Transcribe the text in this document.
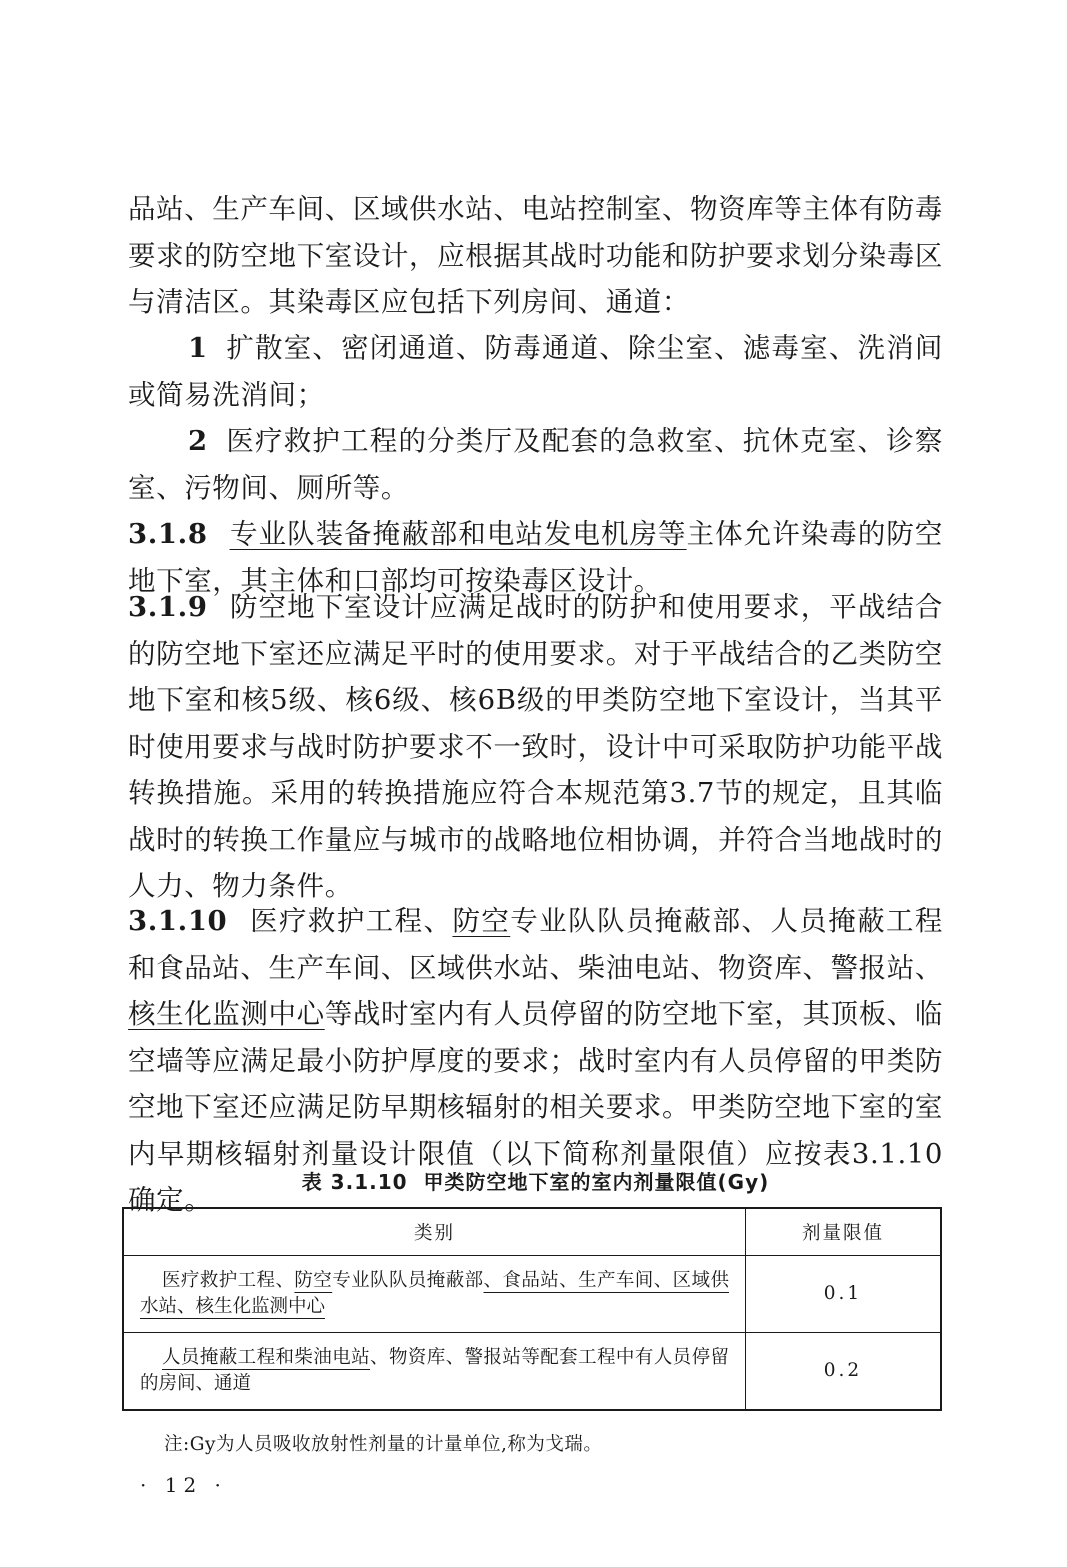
品站、生产车间、区域供水站、电站控制室、物资库等主体有防毒要求的防空地下室设计，应根据其战时功能和防护要求划分染毒区与清洁区。其染毒区应包括下列房间、通道：

1 扩散室、密闭通道、防毒通道、除尘室、滤毒室、洗消间或简易洗消间；

2 医疗救护工程的分类厅及配套的急救室、抗休克室、诊察室、污物间、厕所等。

3.1.8 专业队装备掩蔽部和电站发电机房等主体允许染毒的防空地下室，其主体和口部均可按染毒区设计。

3.1.9 防空地下室设计应满足战时的防护和使用要求，平战结合的防空地下室还应满足平时的使用要求。对于平战结合的乙类防空地下室和核5级、核6级、核6B级的甲类防空地下室设计，当其平时使用要求与战时防护要求不一致时，设计中可采取防护功能平战转换措施。采用的转换措施应符合本规范第3.7节的规定，且其临战时的转换工作量应与城市的战略地位相协调，并符合当地战时的人力、物力条件。

3.1.10 医疗救护工程、防空专业队队员掩蔽部、人员掩蔽工程和食品站、生产车间、区域供水站、柴油电站、物资库、警报站、核生化监测中心等战时室内有人员停留的防空地下室，其顶板、临空墙等应满足最小防护厚度的要求；战时室内有人员停留的甲类防空地下室还应满足防早期核辐射的相关要求。甲类防空地下室的室内早期核辐射剂量设计限值（以下简称剂量限值）应按表3.1.10确定。

表 3.1.10 甲类防空地下室的室内剂量限值(Gy)
类别	剂量限值
医疗救护工程、防空专业队队员掩蔽部、食品站、生产车间、区域供水站、核生化监测中心	0.1
人员掩蔽工程和柴油电站、物资库、警报站等配套工程中有人员停留的房间、通道	0.2
注:Gy为人员吸收放射性剂量的计量单位,称为戈瑞。
· 12 ·
